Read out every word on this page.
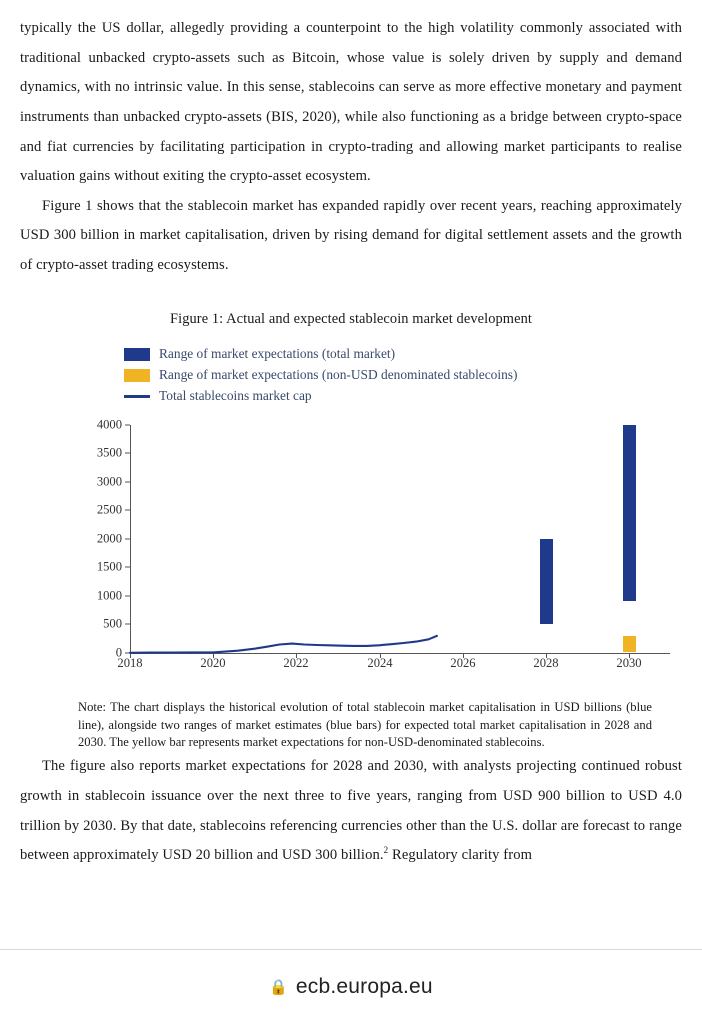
typically the US dollar, allegedly providing a counterpoint to the high volatility commonly associated with traditional unbacked crypto-assets such as Bitcoin, whose value is solely driven by supply and demand dynamics, with no intrinsic value. In this sense, stablecoins can serve as more effective monetary and payment instruments than unbacked crypto-assets (BIS, 2020), while also functioning as a bridge between crypto-space and fiat currencies by facilitating participation in crypto-trading and allowing market participants to realise valuation gains without exiting the crypto-asset ecosystem.

Figure 1 shows that the stablecoin market has expanded rapidly over recent years, reaching approximately USD 300 billion in market capitalisation, driven by rising demand for digital settlement assets and the growth of crypto-asset trading ecosystems.

Figure 1: Actual and expected stablecoin market development
Range of market expectations (total market)
Range of market expectations (non-USD denominated stablecoins)
Total stablecoins market cap
4000
3500
3000
2500
2000
1500
1000
500
0
2018	2020	2022	2024	2026	2028	2030
Note: The chart displays the historical evolution of total stablecoin market capitalisation in USD billions (blue line), alongside two ranges of market estimates (blue bars) for expected total market capitalisation in 2028 and 2030. The yellow bar represents market expectations for non-USD-denominated stablecoins.

The figure also reports market expectations for 2028 and 2030, with analysts projecting continued robust growth in stablecoin issuance over the next three to five years, ranging from USD 900 billion to USD 4.0 trillion by 2030. By that date, stablecoins referencing currencies other than the U.S. dollar are forecast to range between approximately USD 20 billion and USD 300 billion.$^2$ Regulatory clarity from

🔒 ecb.europa.eu
